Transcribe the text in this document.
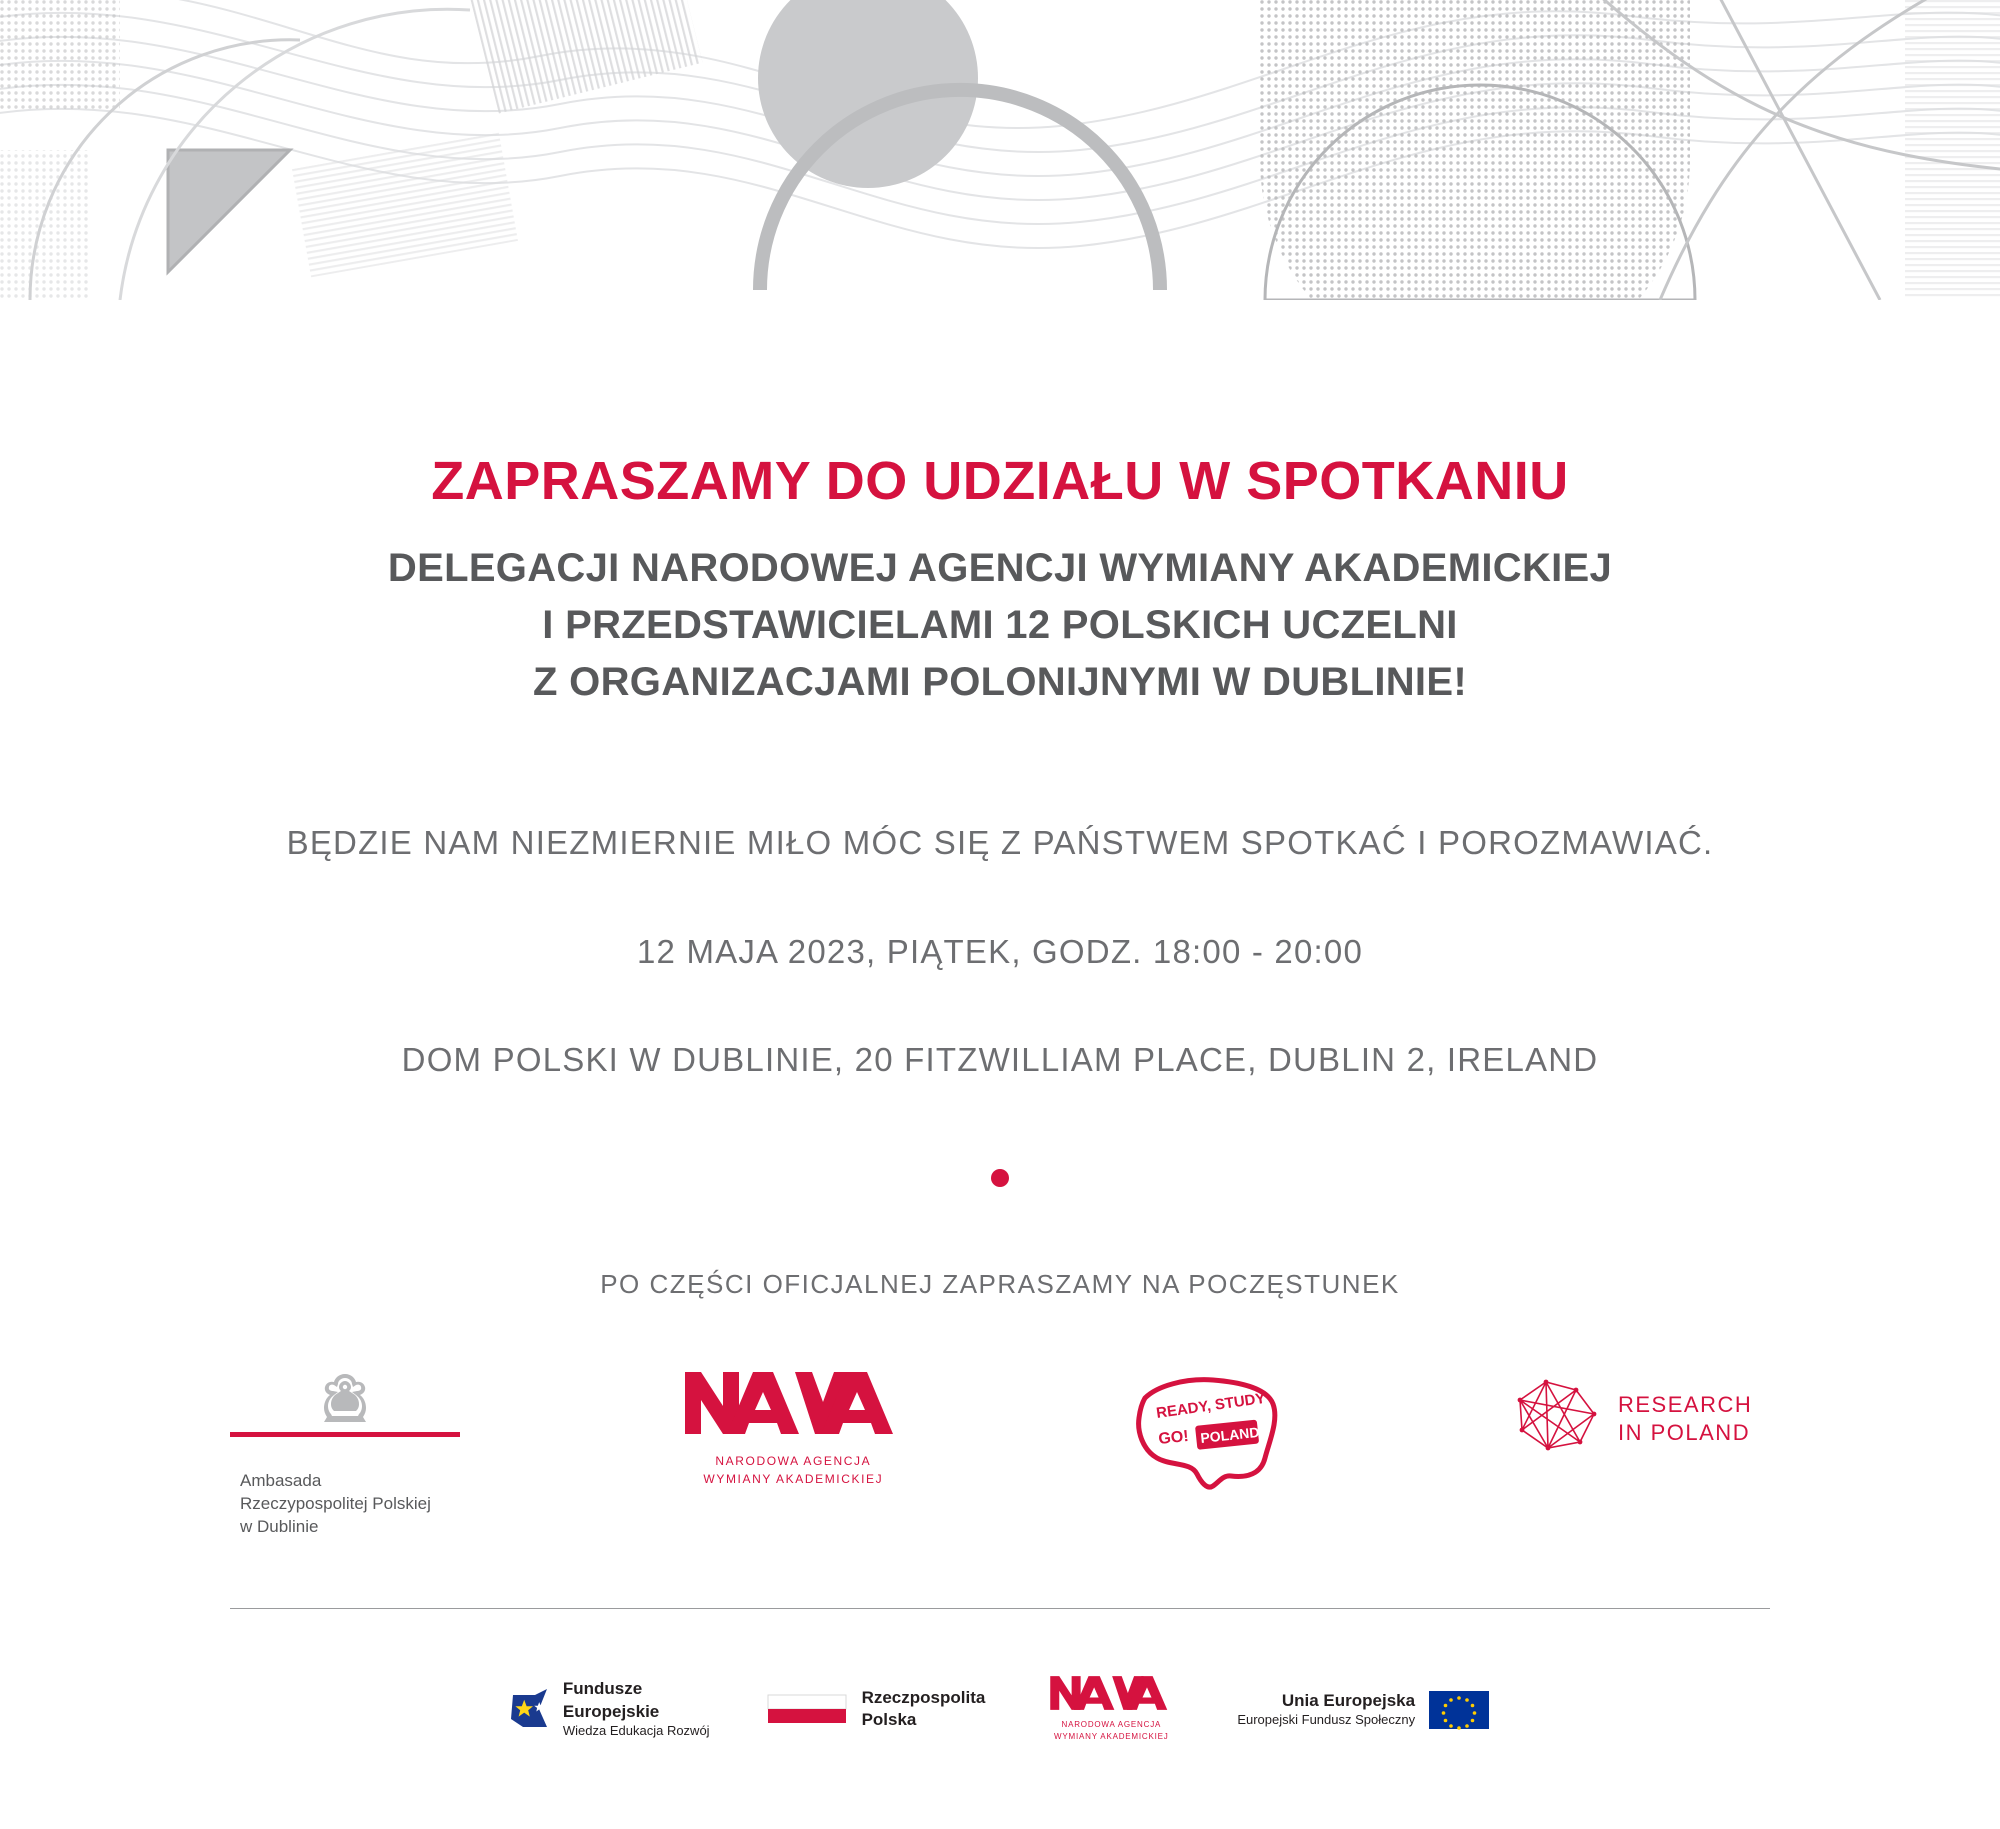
ZAPRASZAMY DO UDZIAŁU W SPOTKANIU
DELEGACJI NARODOWEJ AGENCJI WYMIANY AKADEMICKIEJ
I PRZEDSTAWICIELAMI 12 POLSKICH UCZELNI
Z ORGANIZACJAMI POLONIJNYMI W DUBLINIE!
BĘDZIE NAM NIEZMIERNIE MIŁO MÓC SIĘ Z PAŃSTWEM SPOTKAĆ I POROZMAWIAĆ.
12 MAJA 2023, PIĄTEK, GODZ. 18:00 - 20:00
DOM POLSKI W DUBLINIE, 20 FITZWILLIAM PLACE, DUBLIN 2, IRELAND
PO CZĘŚCI OFICJALNEJ ZAPRASZAMY NA POCZĘSTUNEK
Ambasada
Rzeczypospolitej Polskiej
w Dublinie
NARODOWA AGENCJA
WYMIANY AKADEMICKIEJ
READY, STUDY
GO! POLAND
RESEARCH
IN POLAND
Fundusze
Europejskie
Wiedza Edukacja Rozwój
Rzeczpospolita
Polska	NARODOWA AGENCJA
WYMIANY AKADEMICKIEJ
Unia Europejska
Europejski Fundusz Społeczny
